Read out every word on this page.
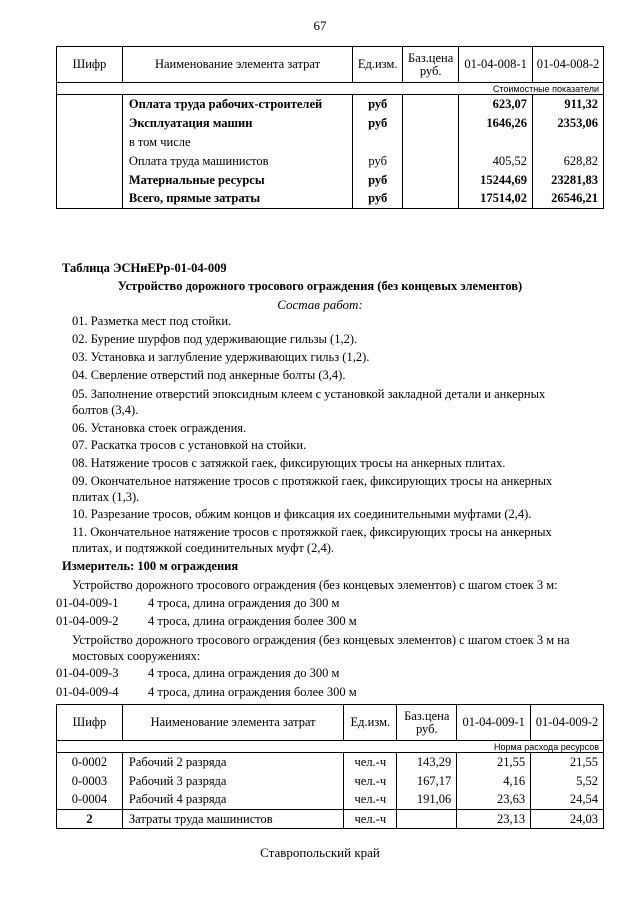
67
Шифр	Наименование элемента затрат	Ед.изм.	Баз.цена руб.	01-04-008-1	01-04-008-2
Стоимостные показатели					
	Оплата труда рабочих-строителей	руб		623,07	911,32
	Эксплуатация машин	руб		1646,26	2353,06
	в том числе				
	Оплата труда машинистов	руб		405,52	628,82
	Материальные ресурсы	руб		15244,69	23281,83
	Всего, прямые затраты	руб		17514,02	26546,21
Таблица ЭСНиЕРр-01-04-009
Устройство дорожного тросового ограждения (без концевых элементов)
Состав работ:
01. Разметка мест под стойки.
02. Бурение шурфов под удерживающие гильзы (1,2).
03. Установка и заглубление удерживающих гильз (1,2).
04. Сверление отверстий под анкерные болты (3,4).
05. Заполнение отверстий эпоксидным клеем с установкой закладной детали и анкерных болтов (3,4).
06. Установка стоек ограждения.
07. Раскатка тросов с установкой на стойки.
08. Натяжение тросов с затяжкой гаек, фиксирующих тросы на анкерных плитах.
09. Окончательное натяжение тросов с протяжкой гаек, фиксирующих тросы на анкерных плитах (1,3).
10. Разрезание тросов, обжим концов и фиксация их соединительными муфтами (2,4).
11. Окончательное натяжение тросов с протяжкой гаек, фиксирующих тросы на анкерных плитах, и подтяжкой соединительных муфт (2,4).
Измеритель: 100 м ограждения
Устройство дорожного тросового ограждения (без концевых элементов) с шагом стоек 3 м:
01-04-009-1 4 троса, длина ограждения до 300 м
01-04-009-2 4 троса, длина ограждения более 300 м
Устройство дорожного тросового ограждения (без концевых элементов) с шагом стоек 3 м на мостовых сооружениях:
01-04-009-3 4 троса, длина ограждения до 300 м
01-04-009-4 4 троса, длина ограждения более 300 м
Шифр	Наименование элемента затрат	Ед.изм.	Баз.цена руб.	01-04-009-1	01-04-009-2
Норма расхода ресурсов					
0-0002	Рабочий 2 разряда	чел.-ч	143,29	21,55	21,55
0-0003	Рабочий 3 разряда	чел.-ч	167,17	4,16	5,52
0-0004	Рабочий 4 разряда	чел.-ч	191,06	23,63	24,54
2	Затраты труда машинистов	чел.-ч		23,13	24,03
Ставропольский край
